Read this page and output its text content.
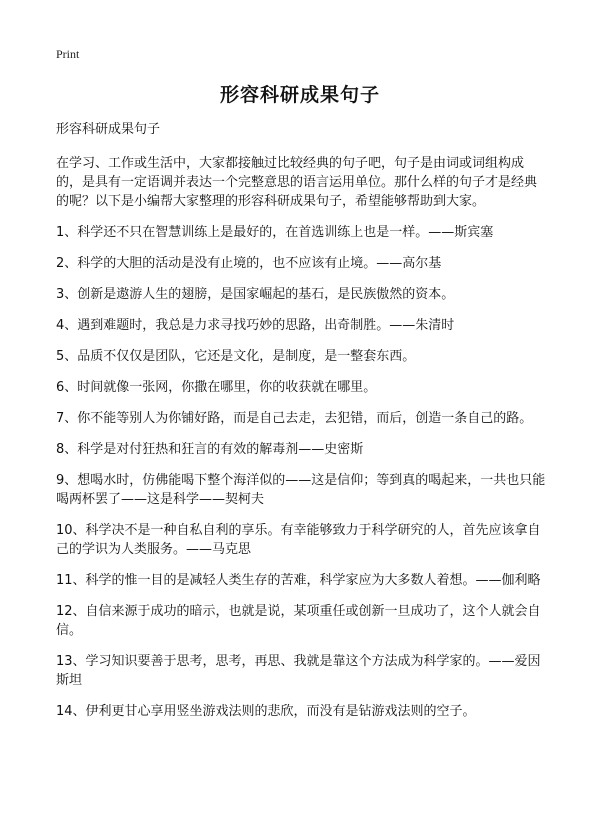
Print
形容科研成果句子

形容科研成果句子

在学习、工作或生活中，大家都接触过比较经典的句子吧，句子是由词或词组构成的，是具有一定语调并表达一个完整意思的语言运用单位。那什么样的句子才是经典的呢？以下是小编帮大家整理的形容科研成果句子，希望能够帮助到大家。

1、科学还不只在智慧训练上是最好的，在首选训练上也是一样。——斯宾塞
2、科学的大胆的活动是没有止境的，也不应该有止境。——高尔基
3、创新是遨游人生的翅膀，是国家崛起的基石，是民族傲然的资本。
4、遇到难题时，我总是力求寻找巧妙的思路，出奇制胜。——朱清时
5、品质不仅仅是团队，它还是文化，是制度，是一整套东西。
6、时间就像一张网，你撒在哪里，你的收获就在哪里。
7、你不能等别人为你铺好路，而是自己去走，去犯错，而后，创造一条自己的路。
8、科学是对付狂热和狂言的有效的解毒剂——史密斯
9、想喝水时，仿佛能喝下整个海洋似的——这是信仰；等到真的喝起来，一共也只能喝两杯罢了——这是科学——契柯夫
10、科学决不是一种自私自利的享乐。有幸能够致力于科学研究的人，首先应该拿自己的学识为人类服务。——马克思
11、科学的惟一目的是减轻人类生存的苦难，科学家应为大多数人着想。——伽利略
12、自信来源于成功的暗示，也就是说，某项重任或创新一旦成功了，这个人就会自信。
13、学习知识要善于思考，思考，再思、我就是靠这个方法成为科学家的。——爱因斯坦
14、伊利更甘心享用竖坐游戏法则的悲欣，而没有是钻游戏法则的空子。
